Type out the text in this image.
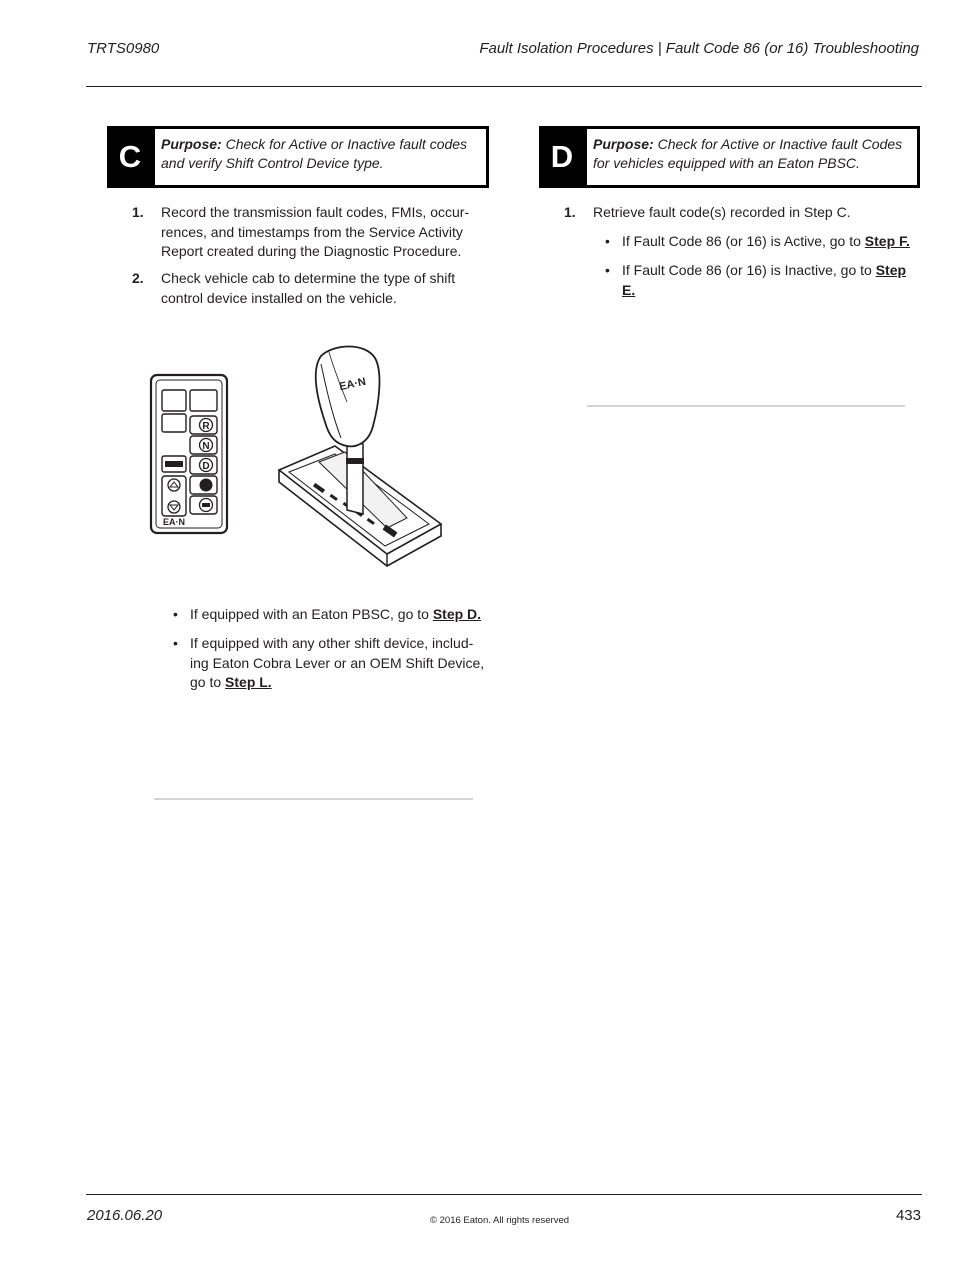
TRTS0980	Fault Isolation Procedures | Fault Code 86 (or 16) Troubleshooting
C	Purpose: Check for Active or Inactive fault codes
and verify Shift Control Device type.
1. Record the transmission fault codes, FMIs, occur-
rences, and timestamps from the Service Activity
Report created during the Diagnostic Procedure.
2. Check vehicle cab to determine the type of shift
control device installed on the vehicle.
R
N
D
EA·N
EA·N
• If equipped with an Eaton PBSC, go to Step D.
• If equipped with any other shift device, includ-
ing Eaton Cobra Lever or an OEM Shift Device,
go to Step L.
D	Purpose: Check for Active or Inactive fault Codes
for vehicles equipped with an Eaton PBSC.
1. Retrieve fault code(s) recorded in Step C.
• If Fault Code 86 (or 16) is Active, go to Step F.
• If Fault Code 86 (or 16) is Inactive, go to Step
E.
2016.06.20	© 2016 Eaton. All rights reserved	433
